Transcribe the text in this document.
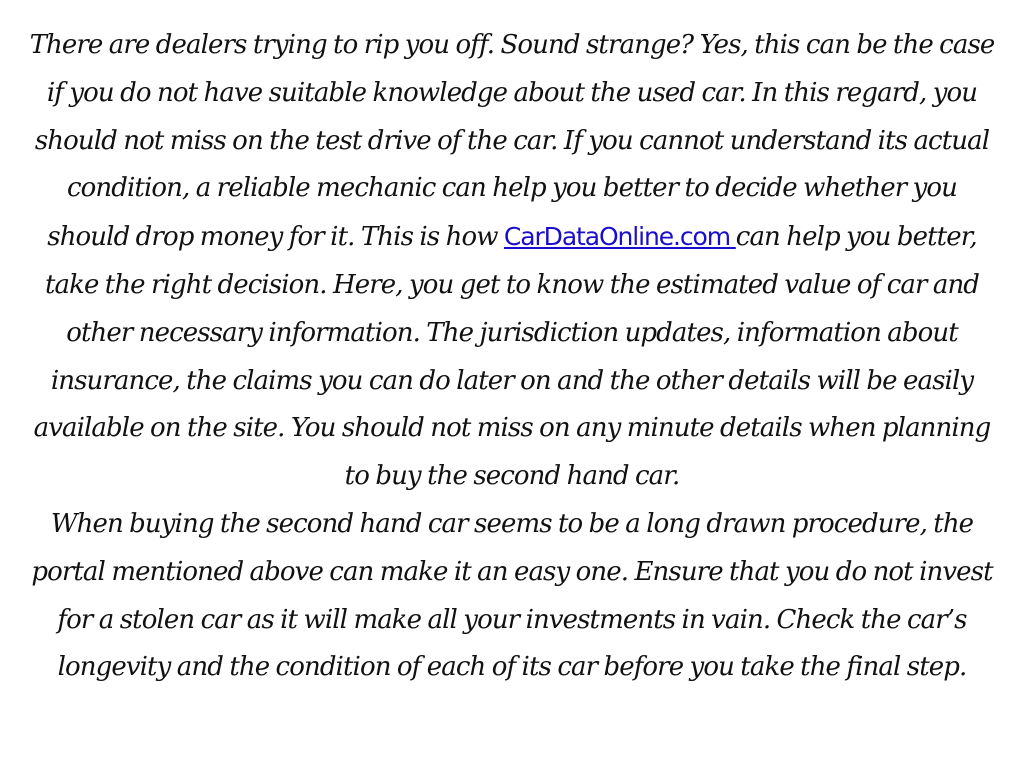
There are dealers trying to rip you off. Sound strange? Yes, this can be the case if you do not have suitable knowledge about the used car. In this regard, you should not miss on the test drive of the car. If you cannot understand its actual condition, a reliable mechanic can help you better to decide whether you should drop money for it. This is how CarDataOnline.com can help you better, take the right decision. Here, you get to know the estimated value of car and other necessary information. The jurisdiction updates, information about insurance, the claims you can do later on and the other details will be easily available on the site. You should not miss on any minute details when planning to buy the second hand car.

When buying the second hand car seems to be a long drawn procedure, the portal mentioned above can make it an easy one. Ensure that you do not invest for a stolen car as it will make all your investments in vain. Check the car’s longevity and the condition of each of its car before you take the final step.
